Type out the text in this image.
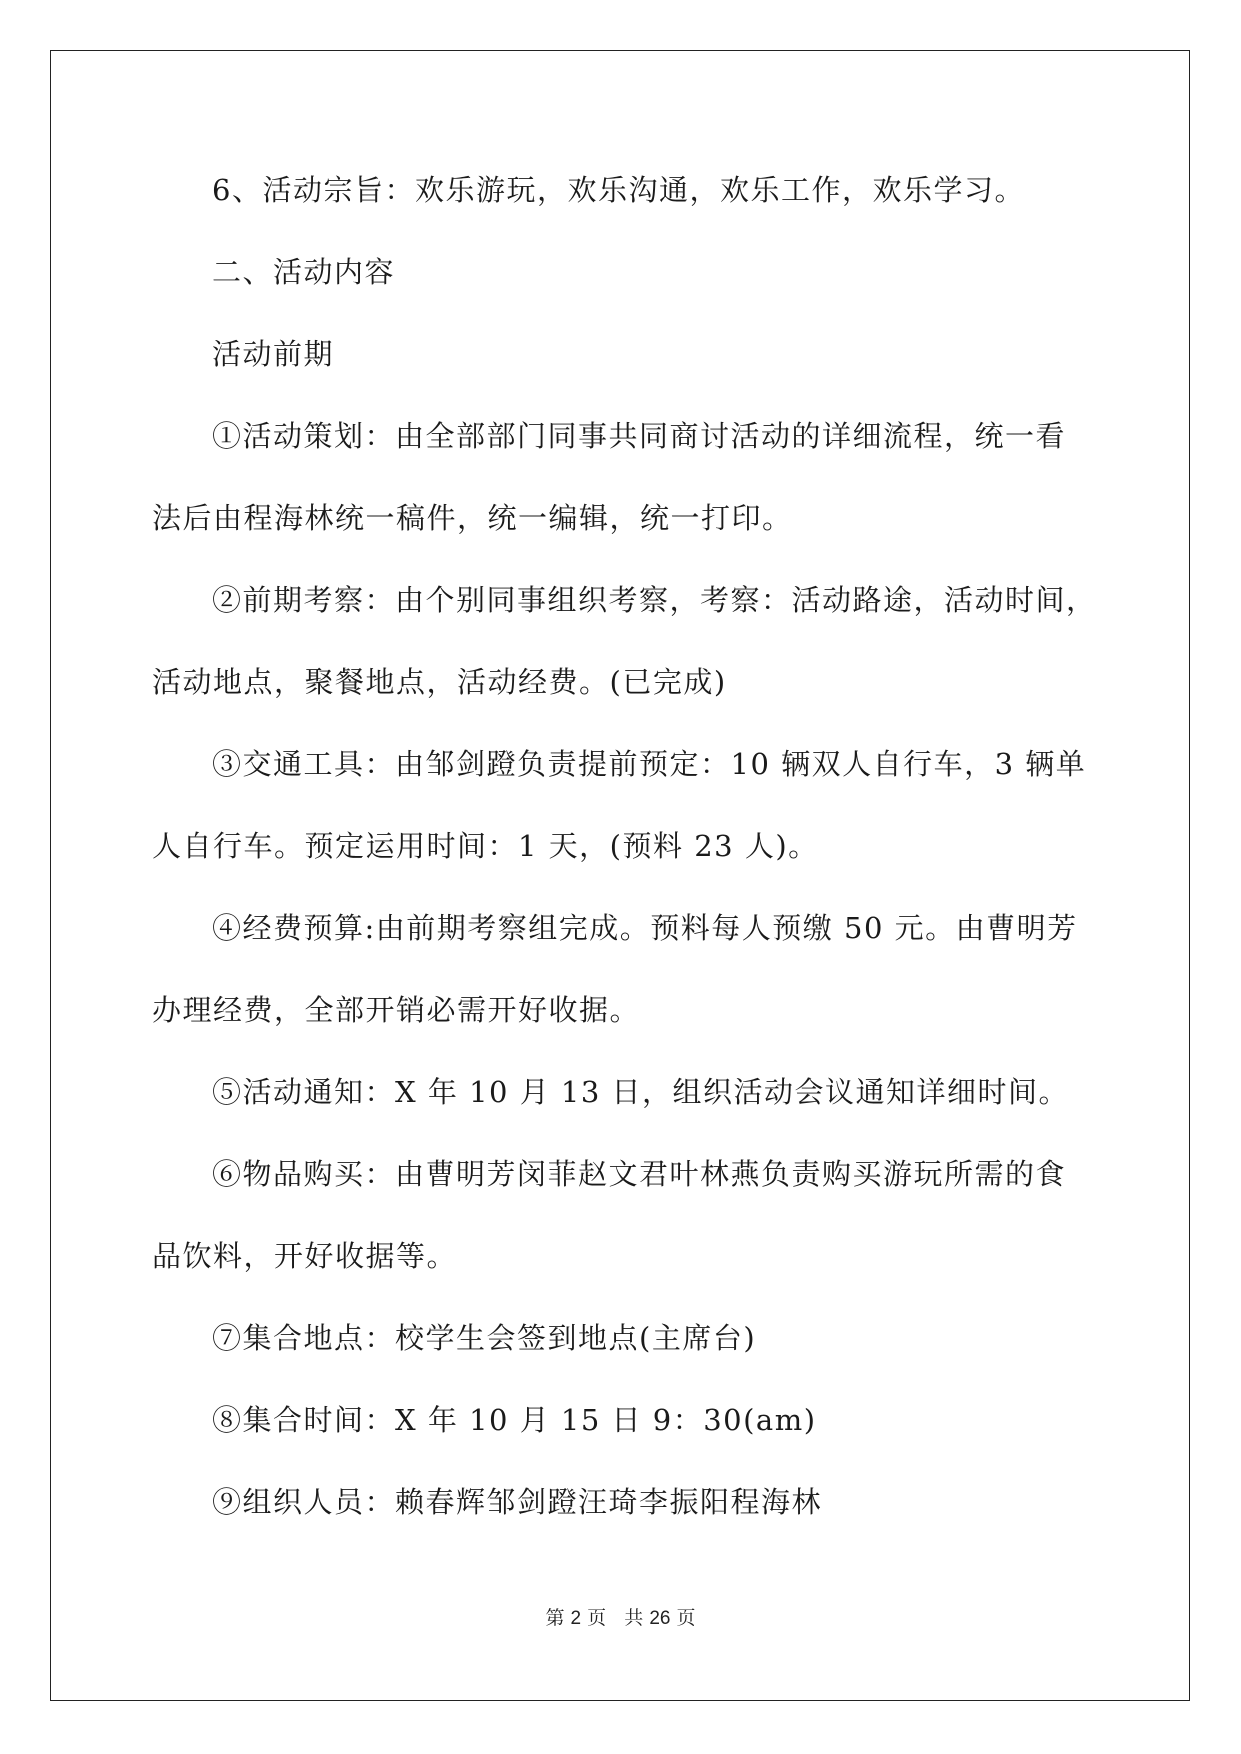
6、活动宗旨：欢乐游玩，欢乐沟通，欢乐工作，欢乐学习。
二、活动内容
活动前期
①活动策划：由全部部门同事共同商讨活动的详细流程，统一看
法后由程海林统一稿件，统一编辑，统一打印。
②前期考察：由个别同事组织考察，考察：活动路途，活动时间，
活动地点，聚餐地点，活动经费。(已完成)
③交通工具：由邹剑蹬负责提前预定：10 辆双人自行车，3 辆单
人自行车。预定运用时间：1 天，(预料 23 人)。
④经费预算:由前期考察组完成。预料每人预缴 50 元。由曹明芳
办理经费，全部开销必需开好收据。
⑤活动通知：X 年 10 月 13 日，组织活动会议通知详细时间。
⑥物品购买：由曹明芳闵菲赵文君叶林燕负责购买游玩所需的食
品饮料，开好收据等。
⑦集合地点：校学生会签到地点(主席台)
⑧集合时间：X 年 10 月 15 日 9：30(am)
⑨组织人员：赖春辉邹剑蹬汪琦李振阳程海林
第 2 页   共 26 页
